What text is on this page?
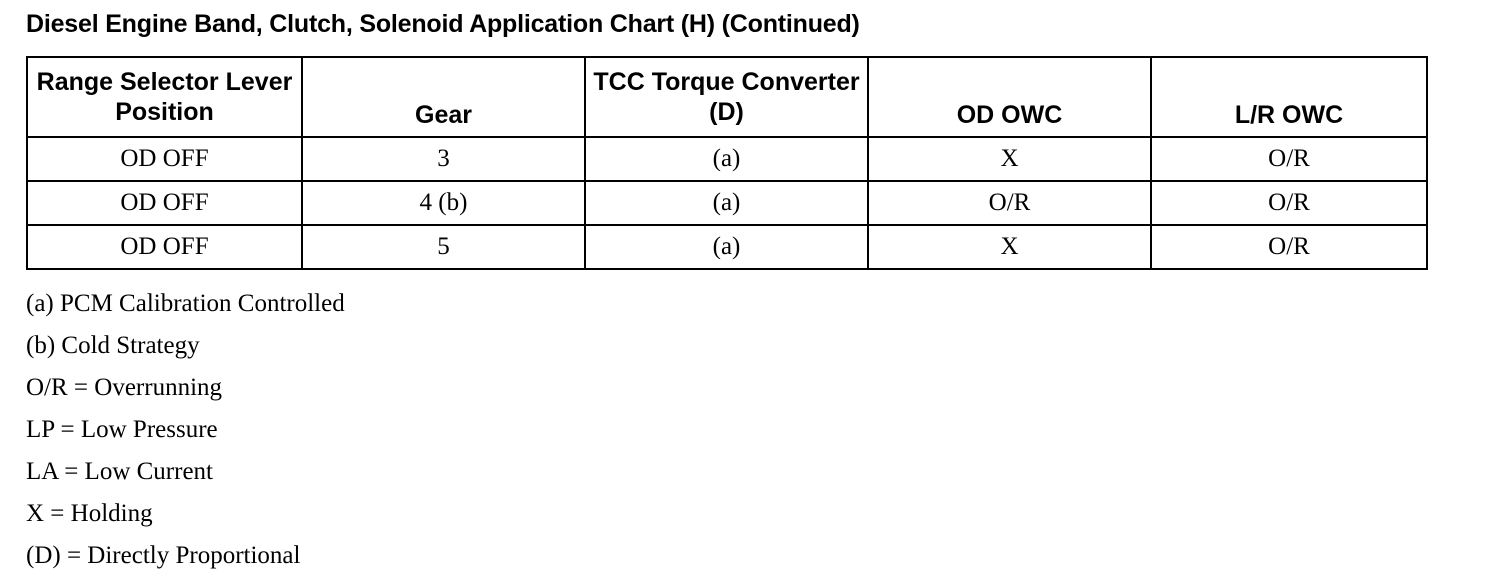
Diesel Engine Band, Clutch, Solenoid Application Chart (H) (Continued)
Range Selector Lever Position	Gear	TCC Torque Converter (D)	OD OWC	L/R OWC
OD OFF	3	(a)	X	O/R
OD OFF	4 (b)	(a)	O/R	O/R
OD OFF	5	(a)	X	O/R
(a) PCM Calibration Controlled
(b) Cold Strategy
O/R = Overrunning
LP = Low Pressure
LA = Low Current
X = Holding
(D) = Directly Proportional
